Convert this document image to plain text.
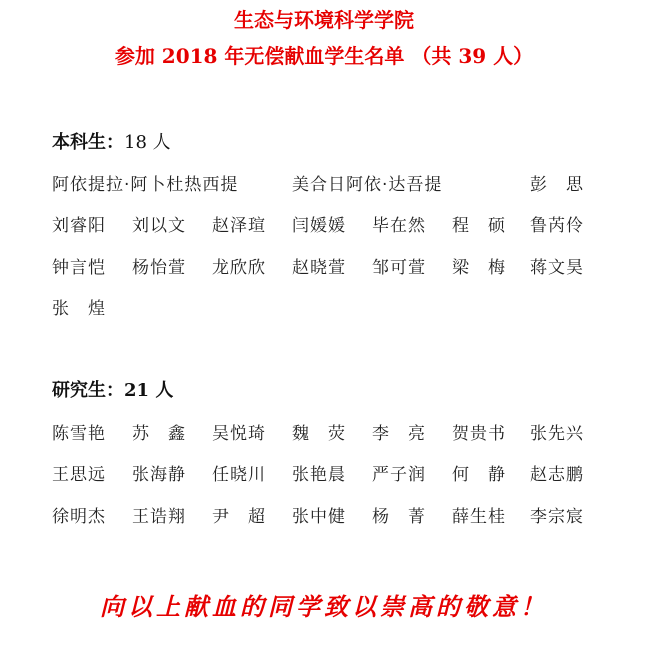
生态与环境科学学院
参加 2018 年无偿献血学生名单 （共 39 人）
本科生：18 人
阿依提拉·阿卜杜热西提	美合日阿依·达吾提	彭　思
刘睿阳 刘以文 赵泽瑄 闫媛媛 毕在然 程　硕 鲁芮伶
钟言恺 杨怡萱 龙欣欣 赵晓萱 邹可萱 梁　梅 蒋文昊
张　煌
研究生：21 人
陈雪艳 苏　鑫 吴悦琦 魏　荧 李　亮 贺贵书 张先兴
王思远 张海静 任晓川 张艳晨 严子润 何　静 赵志鹏
徐明杰 王诰翔 尹　超 张中健 杨　菁 薛生桂 李宗宸
向以上献血的同学致以崇高的敬意！
